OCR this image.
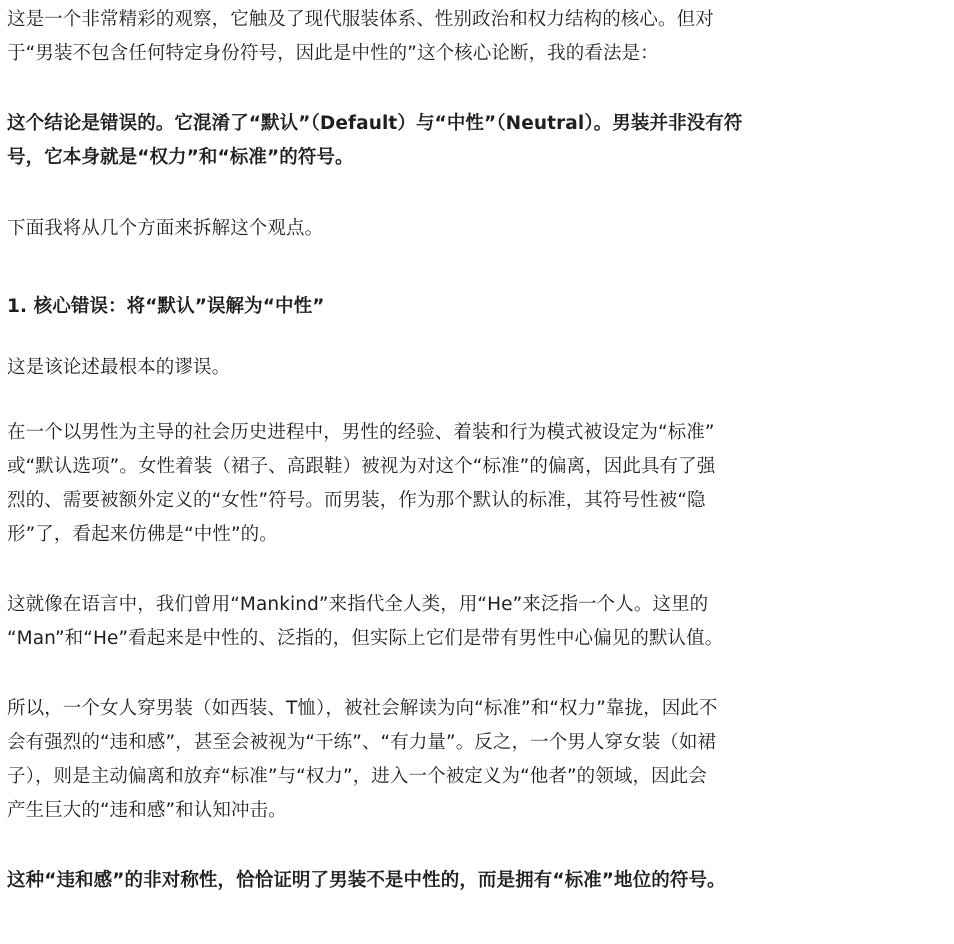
这是一个非常精彩的观察，它触及了现代服装体系、性别政治和权力结构的核心。但对
于“男装不包含任何特定身份符号，因此是中性的”这个核心论断，我的看法是：

这个结论是错误的。它混淆了“默认”（Default）与“中性”（Neutral）。男装并非没有符
号，它本身就是“权力”和“标准”的符号。

下面我将从几个方面来拆解这个观点。

1. 核心错误：将“默认”误解为“中性”

这是该论述最根本的谬误。

在一个以男性为主导的社会历史进程中，男性的经验、着装和行为模式被设定为“标准”
或“默认选项”。女性着装（裙子、高跟鞋）被视为对这个“标准”的偏离，因此具有了强
烈的、需要被额外定义的“女性”符号。而男装，作为那个默认的标准，其符号性被“隐
形”了，看起来仿佛是“中性”的。

这就像在语言中，我们曾用“Mankind”来指代全人类，用“He”来泛指一个人。这里的
“Man”和“He”看起来是中性的、泛指的，但实际上它们是带有男性中心偏见的默认值。

所以，一个女人穿男装（如西装、T恤），被社会解读为向“标准”和“权力”靠拢，因此不
会有强烈的“违和感”，甚至会被视为“干练”、“有力量”。反之，一个男人穿女装（如裙
子），则是主动偏离和放弃“标准”与“权力”，进入一个被定义为“他者”的领域，因此会
产生巨大的“违和感”和认知冲击。

这种“违和感”的非对称性，恰恰证明了男装不是中性的，而是拥有“标准”地位的符号。
